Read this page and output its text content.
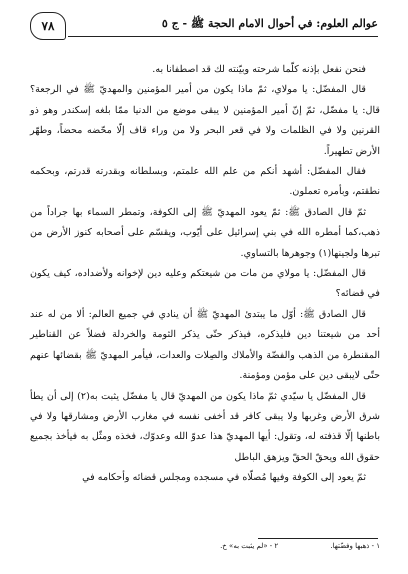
٧٨	عوالم العلوم: في أحوال الامام الحجة ﷺ - ج ٥

فنحن نفعل بإذنه كلّما شرحته وبيّنته لك قد اصطفانا به.

قال المفضّل: يا مولاي، ثمّ ماذا يكون من أمير المؤمنين والمهديّ ﷺ في الرجعة؟ قال: يا مفضّل، ثمّ إنّ أمير المؤمنين لا يبقى موضع من الدنيا ممّا بلغه إسكندر وهو ذو القرنين ولا في الظلمات ولا في قعر البحر ولا من وراء قاف إلّا محّضه محضاً، وطهّر الأرض تطهيراً.

فقال المفضّل: أشهد أنكم من علم الله علمتم، وبسلطانه وبقدرته قدرتم، وبحكمه نطقتم، وبأمره تعملون.

ثمّ قال الصادق ﷺ: ثمّ يعود المهديّ ﷺ إلى الكوفة، وتمطر السماء بها جراداً من ذهب،كما أمطره الله في بني إسرائيل على أيّوب، ويقسّم على أصحابه كنوز الأرض من تبرها ولجينها(١) وجوهرها بالتساوي.

قال المفضّل: يا مولاي من مات من شيعتكم وعليه دين لإخوانه ولأضداده، كيف يكون في قضائه؟

قال الصادق ﷺ: أوّل ما يبتدئ المهديّ ﷺ أن ينادي في جميع العالم: ألا من له عند أحد من شيعتنا دين فليذكره، فيذكر حتّى يذكر الثومة والخردلة فضلاً عن القناطير المقنطرة من الذهب والفضّة والأملاك والصِلات والعدات، فيأمر المهديّ ﷺ بقضائها عنهم حتّى لايبقى دين على مؤمن ومؤمنة.

قال المفضّل يا سيّدي ثمّ ماذا يكون من المهديّ قال يا مفضّل يثبت به(٢) إلى أن يطأ شرق الأرض وغربها ولا يبقى كافر قد أخفى نفسه في مغارب الأرض ومشارقها ولا في باطنها إلّا قذفته له، وتقول: أيها المهديّ هذا عدوّ الله وعدوّك، فخذه ومثّل به فيأخذ بجميع حقوق الله ويحقّ الحقّ ويزهق الباطل

ثمّ يعود إلى الكوفة وفيها مُصلّاه في مسجده ومجلس قضائه وأحكامه في

١ - ذهبها وفضّتها. ٢ - «لم يثبت به» خ.
